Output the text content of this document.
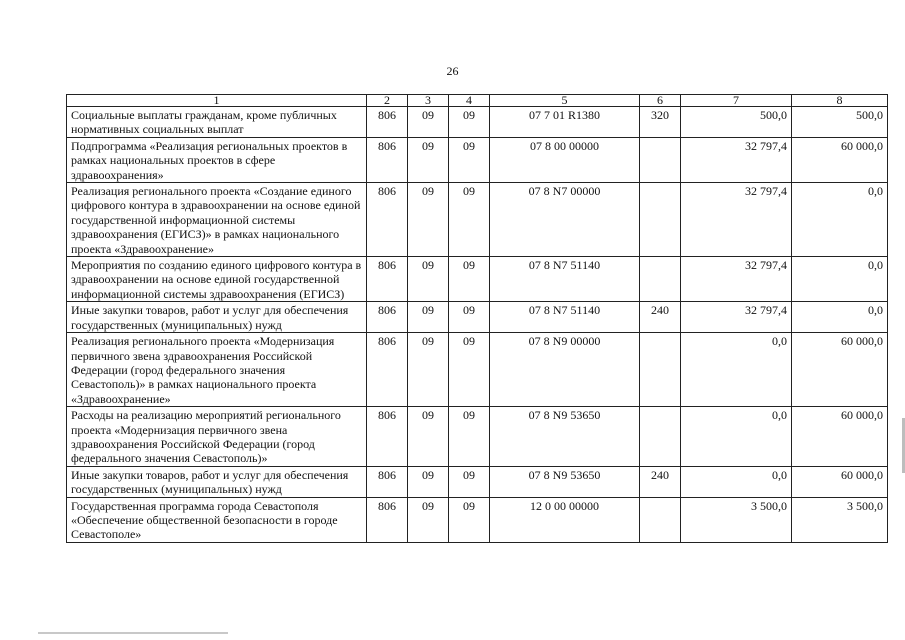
26
1	2	3	4	5	6	7	8
Социальные выплаты гражданам, кроме публичных нормативных социальных выплат	806	09	09	07 7 01 R1380	320	500,0	500,0
Подпрограмма «Реализация региональных проектов в рамках национальных проектов в сфере здравоохранения»	806	09	09	07 8 00 00000		32 797,4	60 000,0
Реализация регионального проекта «Создание единого цифрового контура в здравоохранении на основе единой государственной информационной системы здравоохранения (ЕГИСЗ)» в рамках национального проекта «Здравоохранение»	806	09	09	07 8 N7 00000		32 797,4	0,0
Мероприятия по созданию единого цифрового контура в здравоохранении на основе единой государственной информационной системы здравоохранения (ЕГИСЗ)	806	09	09	07 8 N7 51140		32 797,4	0,0
Иные закупки товаров, работ и услуг для обеспечения государственных (муниципальных) нужд	806	09	09	07 8 N7 51140	240	32 797,4	0,0
Реализация регионального проекта «Модернизация первичного звена здравоохранения Российской Федерации (город федерального значения Севастополь)» в рамках национального проекта «Здравоохранение»	806	09	09	07 8 N9 00000		0,0	60 000,0
Расходы на реализацию мероприятий регионального проекта «Модернизация первичного звена здравоохранения Российской Федерации (город федерального значения Севастополь)»	806	09	09	07 8 N9 53650		0,0	60 000,0
Иные закупки товаров, работ и услуг для обеспечения государственных (муниципальных) нужд	806	09	09	07 8 N9 53650	240	0,0	60 000,0
Государственная программа города Севастополя «Обеспечение общественной безопасности в городе Севастополе»	806	09	09	12 0 00 00000		3 500,0	3 500,0
